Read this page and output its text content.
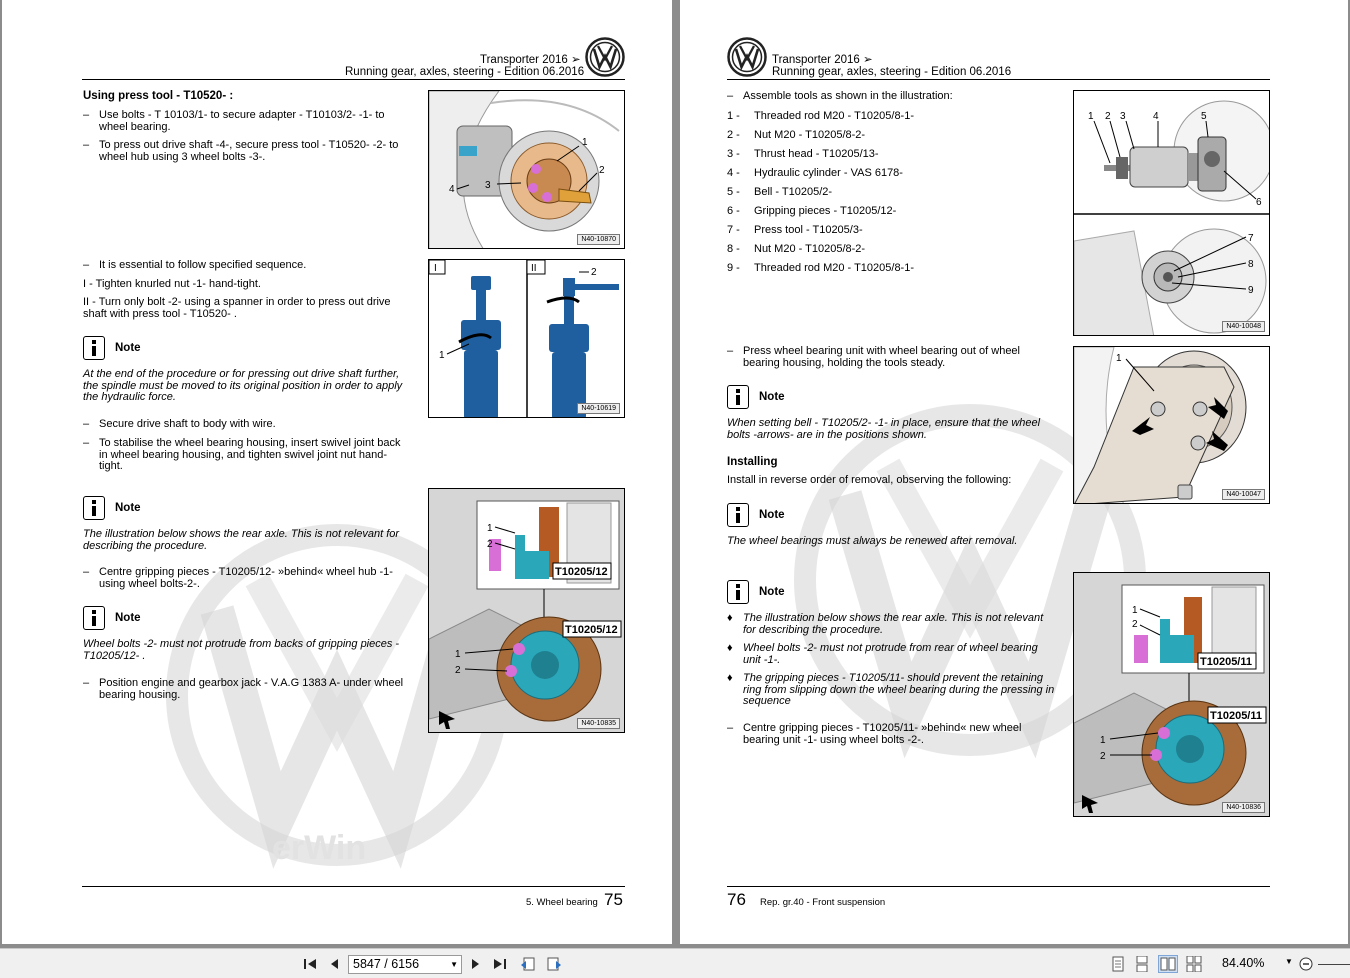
erWin
Transporter 2016 ➢
Running gear, axles, steering - Edition 06.2016
Using press tool - T10520- :
– Use bolts - T 10103/1- to secure adapter - T10103/2- -1- to wheel bearing.
– To press out drive shaft -4-, secure press tool - T10520- -2- to wheel hub using 3 wheel bolts -3-.
– It is essential to follow specified sequence.
I - Tighten knurled nut -1- hand-tight.
II - Turn only bolt -2- using a spanner in order to press out drive shaft with press tool - T10520- .
Note
At the end of the procedure or for pressing out drive shaft further, the spindle must be moved to its original position in order to apply the hydraulic force.
– Secure drive shaft to body with wire.
– To stabilise the wheel bearing housing, insert swivel joint back in wheel bearing housing, and tighten swivel joint nut hand-tight.
Note
The illustration below shows the rear axle. This is not relevant for describing the procedure.
– Centre gripping pieces - T10205/12- »behind« wheel hub -1- using wheel bolts-2-.
Note
Wheel bolts -2- must not protrude from backs of gripping pieces - T10205/12- .
– Position engine and gearbox jack - V.A.G 1383 A- under wheel bearing housing.
1
2
3
4
N40-10870
I	II
1
2
N40-10619
1
2
T10205/12
T10205/12
1
2
N40-10835
5. Wheel bearing 75
Transporter 2016 ➢
Running gear, axles, steering - Edition 06.2016
– Assemble tools as shown in the illustration:
1 - Threaded rod M20 - T10205/8-1-
2 - Nut M20 - T10205/8-2-
3 - Thrust head - T10205/13-
4 - Hydraulic cylinder - VAS 6178-
5 - Bell - T10205/2-
6 - Gripping pieces - T10205/12-
7 - Press tool - T10205/3-
8 - Nut M20 - T10205/8-2-
9 - Threaded rod M20 - T10205/8-1-
– Press wheel bearing unit with wheel bearing out of wheel bearing housing, holding the tools steady.
Note
When setting bell - T10205/2- -1- in place, ensure that the wheel bolts -arrows- are in the positions shown.
Installing
Install in reverse order of removal, observing the following:
Note
The wheel bearings must always be renewed after removal.
Note
♦ The illustration below shows the rear axle. This is not relevant for describing the procedure.
♦ Wheel bolts -2- must not protrude from rear of wheel bearing unit -1-.
♦ The gripping pieces - T10205/11- should prevent the retaining ring from slipping down the wheel bearing during the pressing in sequence
– Centre gripping pieces - T10205/11- »behind« new wheel bearing unit -1- using wheel bolts -2-.
1 2 3	4	5
6
7
8
9
N40-10048
1
N40-10047
1
2
T10205/11
T10205/11
1
2
N40-10836
76 Rep. gr.40 - Front suspension
5847 / 6156	▼	84.40%	▼
